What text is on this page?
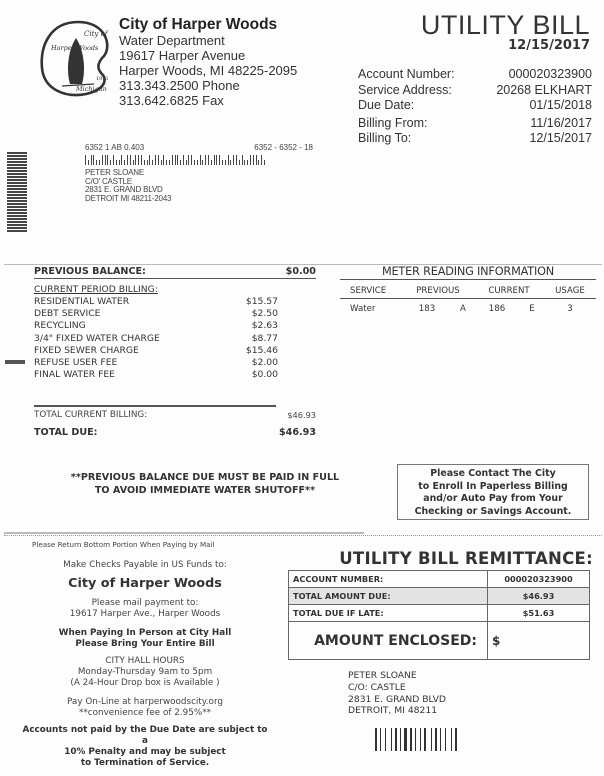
City of
Harper Woods
1951
Michigan
City of Harper Woods
Water Department
19617 Harper Avenue
Harper Woods, MI 48225-2095
313.343.2500 Phone
313.642.6825 Fax
UTILITY BILL
12/15/2017
Account Number:	000020323900
Service Address:	20268 ELKHART
Due Date:	01/15/2018
Billing From:	11/16/2017
Billing To:	12/15/2017
6352 1 AB 0.403	6352 - 6352 - 18
PETER SLOANE
C/O' CASTLE
2831 E. GRAND BLVD
DETROIT MI 48211-2043
PREVIOUS BALANCE:	$0.00
CURRENT PERIOD BILLING:
RESIDENTIAL WATER	$15.57
DEBT SERVICE	$2.50
RECYCLING	$2.63
3/4" FIXED WATER CHARGE	$8.77
FIXED SEWER CHARGE	$15.46
REFUSE USER FEE	$2.00
FINAL WATER FEE	$0.00
TOTAL CURRENT BILLING:	$46.93
TOTAL DUE:	$46.93
METER READING INFORMATION
SERVICE	PREVIOUS	CURRENT	USAGE
Water	183	A	186	E	3
**PREVIOUS BALANCE DUE MUST BE PAID IN FULL
TO AVOID IMMEDIATE WATER SHUTOFF**
Please Contact The City
to Enroll In Paperless Billing
and/or Auto Pay from Your
Checking or Savings Account.
Please Return Bottom Portion When Paying by Mail
Make Checks Payable in US Funds to:
City of Harper Woods
Please mail payment to:
19617 Harper Ave., Harper Woods
When Paying In Person at City Hall
Please Bring Your Entire Bill
CITY HALL HOURS
Monday-Thursday 9am to 5pm
(A 24-Hour Drop box is Available )
Pay On-Line at harperwoodscity.org
**convenience fee of 2.95%**
Accounts not paid by the Due Date are subject to a
10% Penalty and may be subject
to Termination of Service.
UTILITY BILL REMITTANCE:
ACCOUNT NUMBER:	000020323900
TOTAL AMOUNT DUE:	$46.93
TOTAL DUE IF LATE:	$51.63
AMOUNT ENCLOSED:	$
PETER SLOANE
C/O: CASTLE
2831 E. GRAND BLVD
DETROIT, MI 48211
